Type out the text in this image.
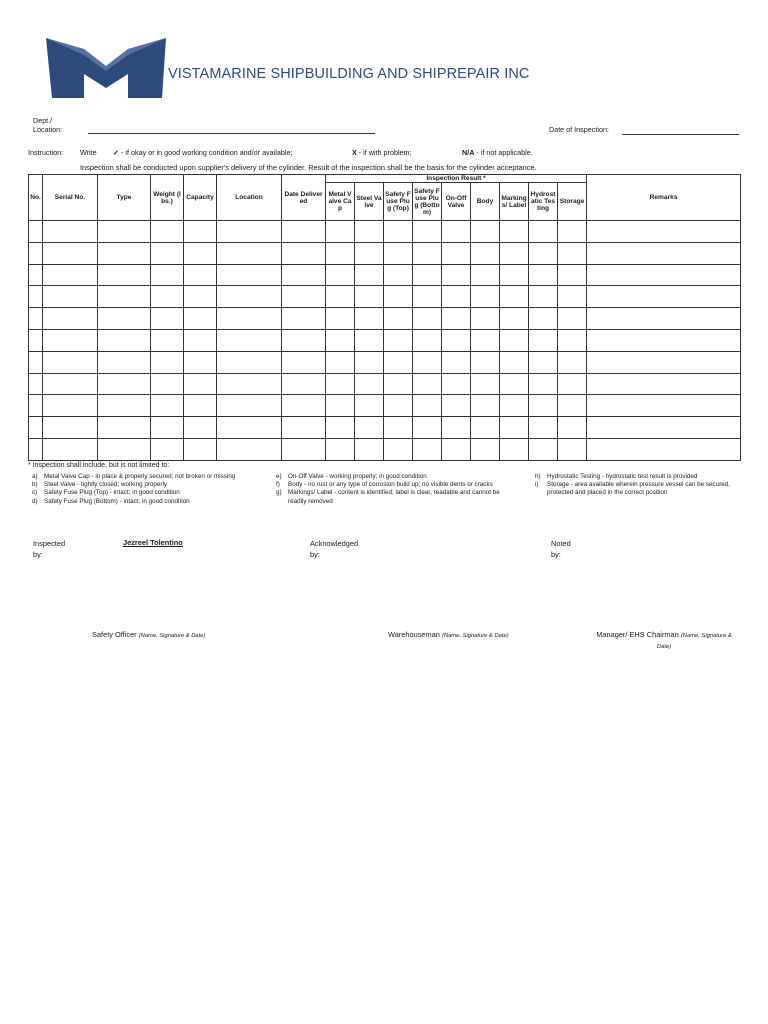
VISTAMARINE SHIPBUILDING AND SHIPREPAIR INC
Dept./
Location:	Date of Inspection:
Instruction: Write ✓ - if okay or in good working condition and/or available;	X - if with problem;	N/A - if not applicable.
Inspection shall be conducted upon supplier's delivery of the cylinder. Result of the inspection shall be the basis for the cylinder acceptance.
No.	Serial No.	Type	Weight (lbs.)	Capacity	Location	Date Delivered	Inspection Result *									Remarks
							Metal Valve Cap	Steel Valve	Safety Fuse Plug (Top)	Safety Fuse Plug (Bottom)	On-Off Valve	Body	Markings/ Label	Hydrostatic Testing	Storage	

* Inspection shall include, but is not limited to:
a)	Metal Valve Cap - in place & properly secured; not broken or missing
b)	Steel Valve - tightly closed; working properly
c)	Safety Fuse Plug (Top) - intact; in good condition
d)	Safety Fuse Plug (Bottom) - intact; in good condition
e)	On-Off Valve - working properly; in good condition
f)	Body - no rust or any type of corrosion build up; no visible dents or cracks
g)	Markings/ Label - content is identified; label is clear, readable and cannot be readily removed
h)	Hydrostatic Testing - hydrostatic test result is provided
i)	Storage - area available wherein pressure vessel can be secured, protected and placed in the correct position
Inspected
by:
Jezreel Tolentino	Acknowledged
by:
Noted
by:
Safety Officer (Name, Signature & Date)	Warehouseman (Name, Signature & Date)	Manager/ EHS Chairman (Name, Signature & Date)
